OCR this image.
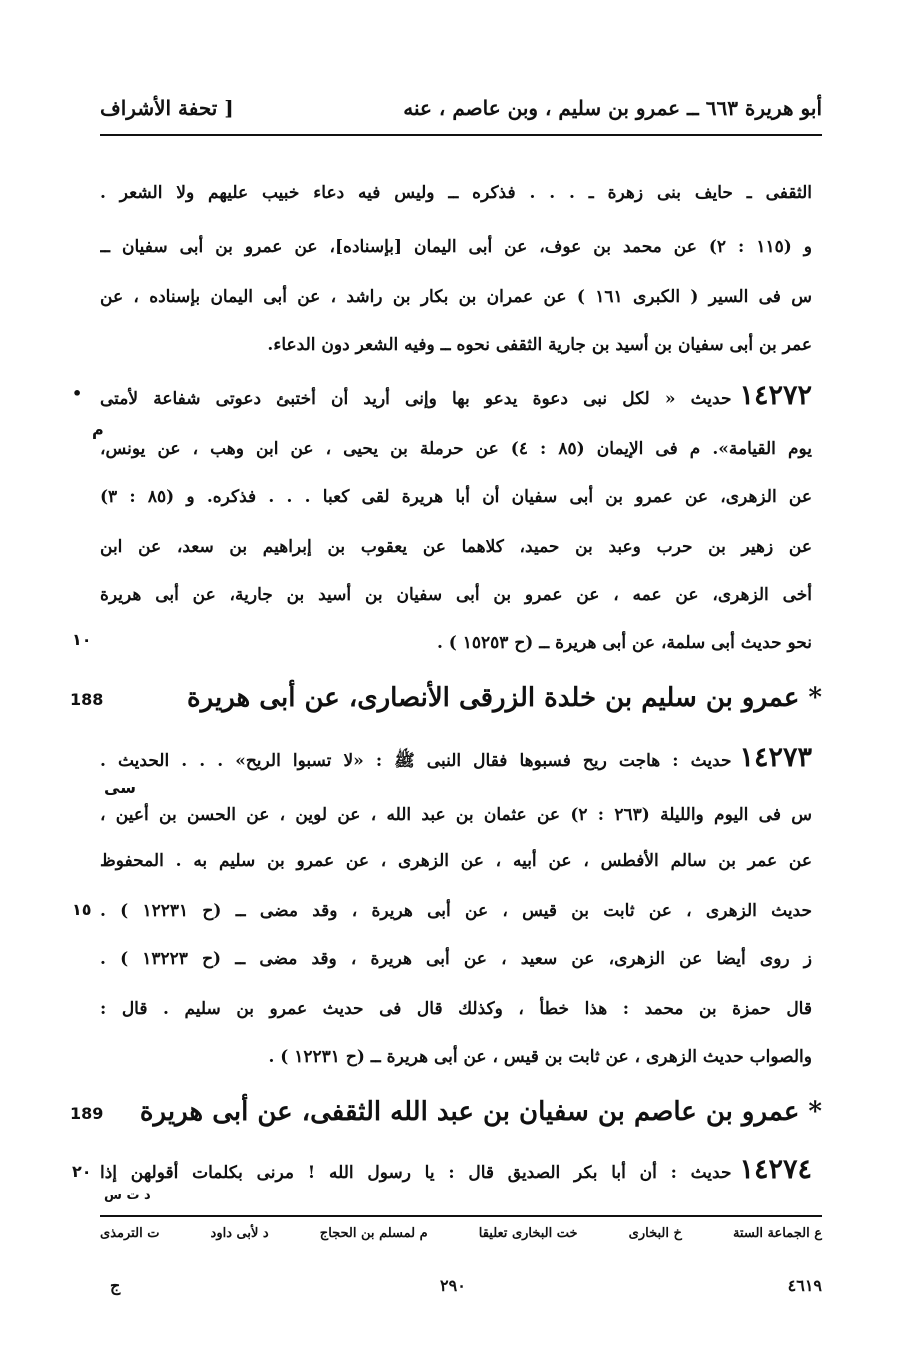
أبو هريرة ٦٦٣ ــ عمرو بن سليم ، وبن عاصم ، عنه
[ تحفة الأشراف
الثقفى ـ حايف بنى زهرة ـ . . . فذكره ــ وليس فيه دعاء خبيب عليهم ولا الشعر .
و (١١٥ : ٢) عن محمد بن عوف، عن أبى اليمان [بإسناده]، عن عمرو بن أبى سفيان ــ
س فى السير ( الكبرى ١٦١ ) عن عمران بن بكار بن راشد ، عن أبى اليمان بإسناده ، عن
عمر بن أبى سفيان بن أسيد بن جارية الثقفى نحوه ــ وفيه الشعر دون الدعاء.
١٤٢٧٢حديث « لكل نبى دعوة يدعو بها وإنى أريد أن أختبئ دعوتى شفاعة لأمتى
•
يوم القيامة». م فى الإيمان (٨٥ : ٤) عن حرملة بن يحيى ، عن ابن وهب ، عن يونس،
م
عن الزهرى، عن عمرو بن أبى سفيان أن أبا هريرة لقى كعبا . . . فذكره. و (٨٥ : ٣)
عن زهير بن حرب وعبد بن حميد، كلاهما عن يعقوب بن إبراهيم بن سعد، عن ابن
أخى الزهرى، عن عمه ، عن عمرو بن أبى سفيان بن أسيد بن جارية، عن أبى هريرة
نحو حديث أبى سلمة، عن أبى هريرة ــ (ح ١٥٢٥٣ ) .
١٠
* عمرو بن سليم بن خلدة الزرقى الأنصارى، عن أبى هريرة
188
١٤٢٧٣حديث : هاجت ريح فسبوها فقال النبى ﷺ : «لا تسبوا الريح» . . . الحديث .
سى
س فى اليوم والليلة (٢٦٣ : ٢) عن عثمان بن عبد الله ، عن لوين ، عن الحسن بن أعين ،
عن عمر بن سالم الأفطس ، عن أبيه ، عن الزهرى ، عن عمرو بن سليم به . المحفوظ
حديث الزهرى ، عن ثابت بن قيس ، عن أبى هريرة ، وقد مضى ــ (ح ١٢٢٣١ ) .
١٥
ز روى أيضا عن الزهرى، عن سعيد ، عن أبى هريرة ، وقد مضى ــ (ح ١٣٢٢٣ ) .
قال حمزة بن محمد : هذا خطأ ، وكذلك قال فى حديث عمرو بن سليم . قال :
والصواب حديث الزهرى ، عن ثابت بن قيس ، عن أبى هريرة ــ (ح ١٢٢٣١ ) .
* عمرو بن عاصم بن سفيان بن عبد الله الثقفى، عن أبى هريرة
189
١٤٢٧٤حديث : أن أبا بكر الصديق قال : يا رسول الله ! مرنى بكلمات أقولهن إذا
٢٠
د ت س
ع الجماعة الستة
خ البخارى
خت البخارى تعليقا
م لمسلم بن الحجاج
د لأبى داود
ت الترمذى
ج	٢٩٠	٤٦١٩
